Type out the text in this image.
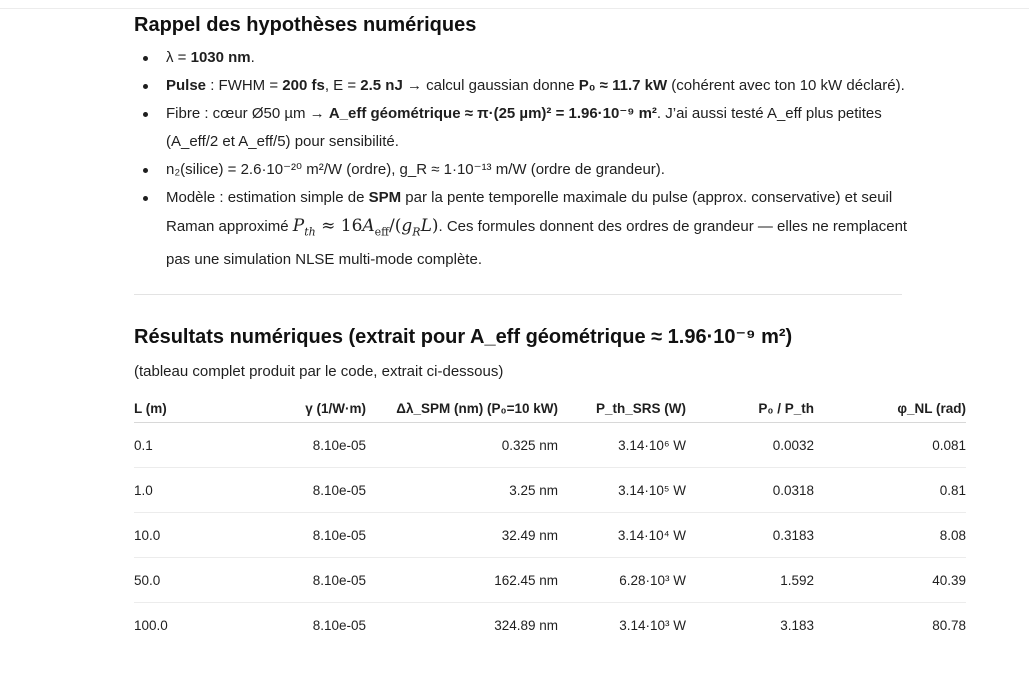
Rappel des hypothèses numériques
λ = 1030 nm.
Pulse : FWHM = 200 fs, E = 2.5 nJ → calcul gaussian donne P₀ ≈ 11.7 kW (cohérent avec ton 10 kW déclaré).
Fibre : cœur Ø50 µm → A_eff géométrique ≈ π·(25 µm)² = 1.96·10⁻⁹ m². J’ai aussi testé A_eff plus petites (A_eff/2 et A_eff/5) pour sensibilité.
n₂(silice) = 2.6·10⁻²⁰ m²/W (ordre), g_R ≈ 1·10⁻¹³ m/W (ordre de grandeur).
Modèle : estimation simple de SPM par la pente temporelle maximale du pulse (approx. conservative) et seuil Raman approximé $P_{th} \approx 16A_{eff}/(g_RL)$. Ces formules donnent des ordres de grandeur — elles ne remplacent pas une simulation NLSE multi-mode complète.
Résultats numériques (extrait pour A_eff géométrique ≈ 1.96·10⁻⁹ m²)
(tableau complet produit par le code, extrait ci-dessous)
L (m)	γ (1/W·m)	Δλ_SPM (nm) (P₀=10 kW)	P_th_SRS (W)	P₀ / P_th	φ_NL (rad)
0.1	8.10e-05	0.325 nm	3.14·10⁶ W	0.0032	0.081
1.0	8.10e-05	3.25 nm	3.14·10⁵ W	0.0318	0.81
10.0	8.10e-05	32.49 nm	3.14·10⁴ W	0.3183	8.08
50.0	8.10e-05	162.45 nm	6.28·10³ W	1.592	40.39
100.0	8.10e-05	324.89 nm	3.14·10³ W	3.183	80.78
